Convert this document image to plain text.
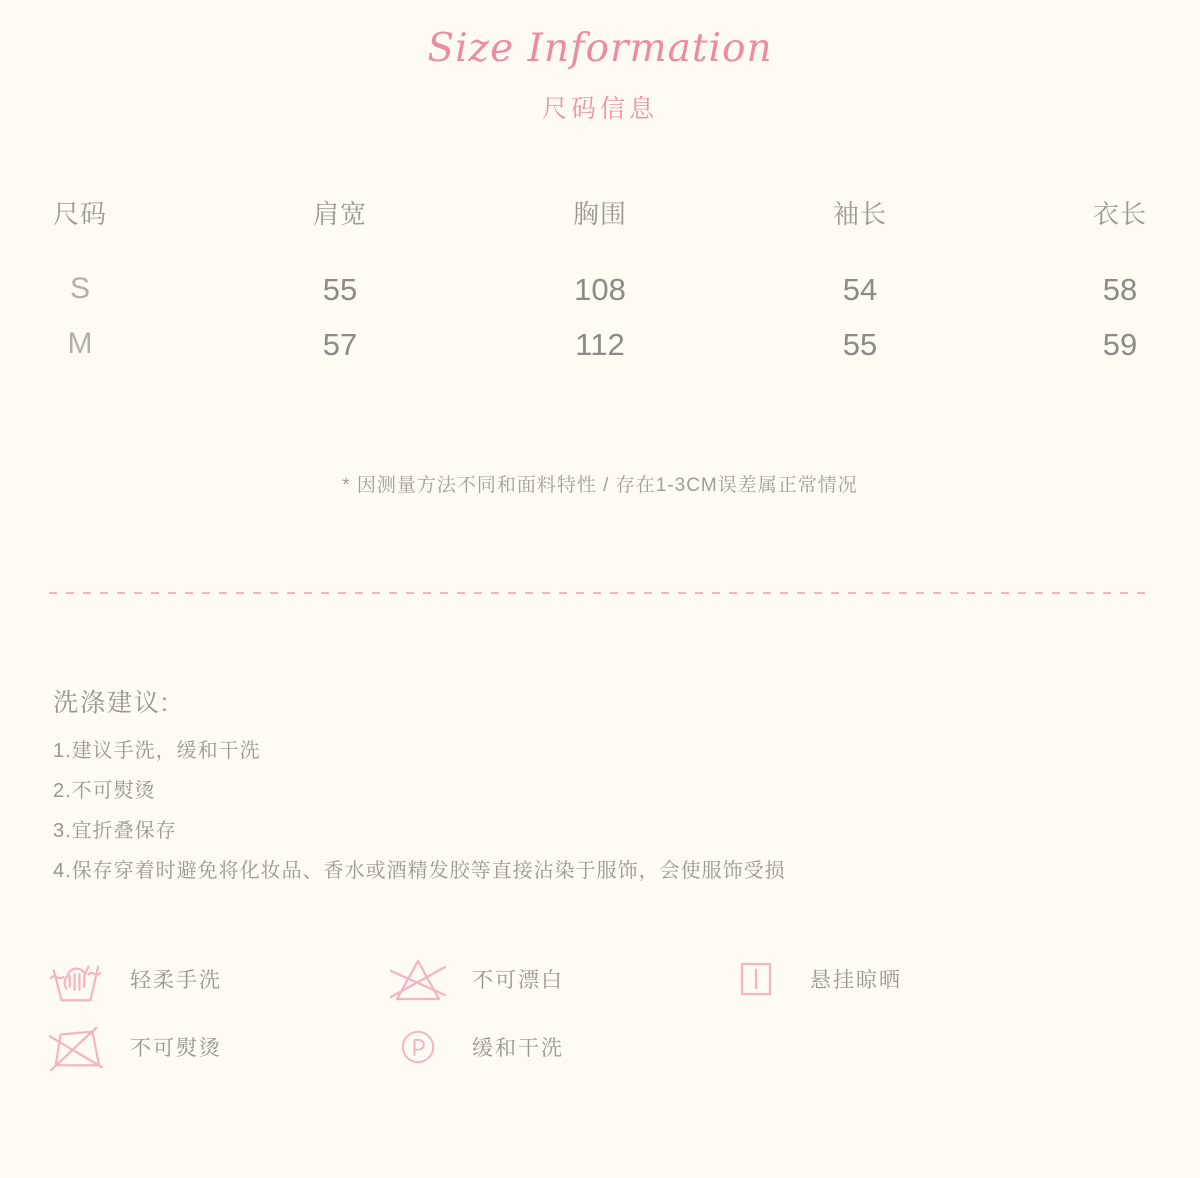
Size Information
尺码信息
尺码	肩宽	胸围	袖长	衣长
S	55	108	54	58
M	57	112	55	59

* 因测量方法不同和面料特性 / 存在1-3CM误差属正常情况

洗涤建议:
1.建议手洗，缓和干洗
2.不可熨烫
3.宜折叠保存
4.保存穿着时避免将化妆品、香水或酒精发胶等直接沾染于服饰，会使服饰受损
轻柔手洗	不可漂白	悬挂晾晒
不可熨烫	缓和干洗
